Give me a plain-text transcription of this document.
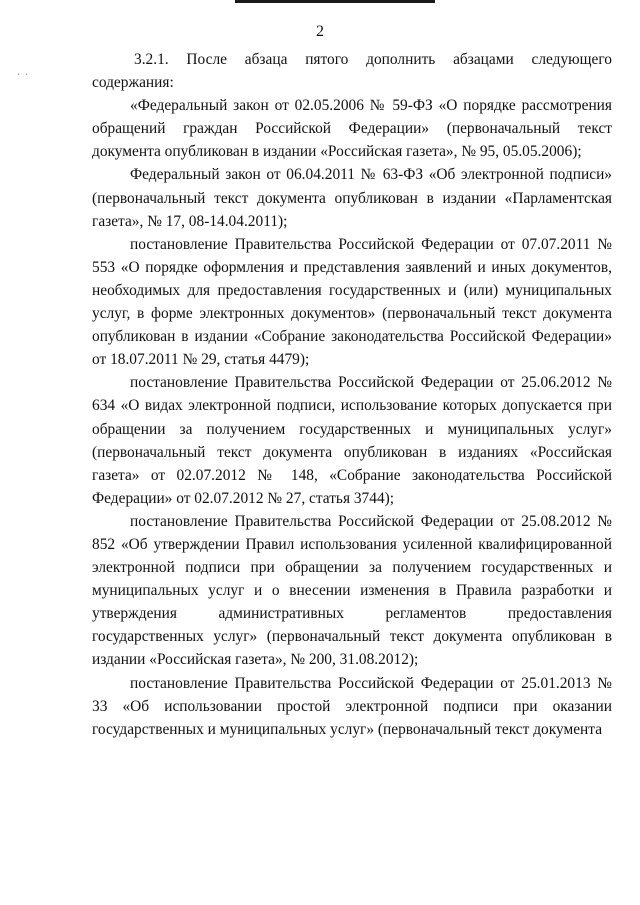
2
· ·

3.2.1. После абзаца пятого дополнить абзацами следующего содержания:

«Федеральный закон от 02.05.2006 № 59-ФЗ «О порядке рассмотрения обращений граждан Российской Федерации» (первоначальный текст документа опубликован в издании «Российская газета», № 95, 05.05.2006);

Федеральный закон от 06.04.2011 № 63-ФЗ «Об электронной подписи» (первоначальный текст документа опубликован в издании «Парламентская газета», № 17, 08-14.04.2011);

постановление Правительства Российской Федерации от 07.07.2011 № 553 «О порядке оформления и представления заявлений и иных документов, необходимых для предоставления государственных и (или) муниципальных услуг, в форме электронных документов» (первоначальный текст документа опубликован в издании «Собрание законодательства Российской Федерации» от 18.07.2011 № 29, статья 4479);

постановление Правительства Российской Федерации от 25.06.2012 № 634 «О видах электронной подписи, использование которых допускается при обращении за получением государственных и муниципальных услуг» (первоначальный текст документа опубликован в изданиях «Российская газета» от 02.07.2012 № 148, «Собрание законодательства Российской Федерации» от 02.07.2012 № 27, статья 3744);

постановление Правительства Российской Федерации от 25.08.2012 № 852 «Об утверждении Правил использования усиленной квалифицированной электронной подписи при обращении за получением государственных и муниципальных услуг и о внесении изменения в Правила разработки и утверждения административных регламентов предоставления государственных услуг» (первоначальный текст документа опубликован в издании «Российская газета», № 200, 31.08.2012);

постановление Правительства Российской Федерации от 25.01.2013 № 33 «Об использовании простой электронной подписи при оказании государственных и муниципальных услуг» (первоначальный текст документа
